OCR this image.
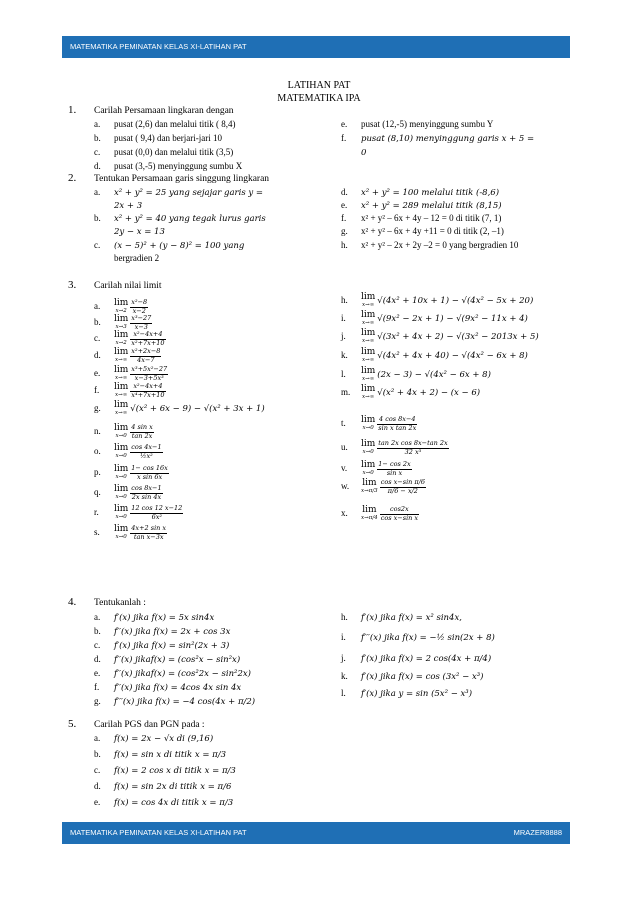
MATEMATIKA PEMINATAN KELAS XI-LATIHAN PAT
LATIHAN PAT
MATEMATIKA IPA
1. Carilah Persamaan lingkaran dengan
a. pusat (2,6) dan melalui titik ( 8,4)
b. pusat ( 9,4) dan berjari-jari 10
c. pusat (0,0) dan melalui titik (3,5)
d. pusat (3,-5) menyinggung sumbu X
e. pusat (12,-5) menyinggung sumbu Y
f. pusat (8,10) menyinggung garis 𝑥 + 5 =
0
2. Tentukan Persamaan garis singgung lingkaran
a. 𝑥² + 𝑦² = 25 yang sejajar garis 𝑦 =
2𝑥 + 3
b. 𝑥² + 𝑦² = 40 yang tegak lurus garis
2𝑦 − 𝑥 = 13
c. (𝑥 − 5)² + (𝑦 − 8)² = 100 yang
bergradien 2
d. 𝑥² + 𝑦² = 100 melalui titik (-8,6)
e. 𝑥² + 𝑦² = 289 melalui titik (8,15)
f. x² + y² – 6x + 4y – 12 = 0 di titik (7, 1)
g. x² + y² – 6x + 4y +11 = 0 di titik (2, –1)
h. x² + y² – 2x + 2y –2 = 0 yang bergradien 10
3. Carilah nilai limit
a. lim
𝑥→2 $\frac{\text{𝑥²−8}}{\text{𝑥−2}}$
b. lim
𝑥→3 $\frac{\text{𝑥³−27}}{\text{𝑥−3}}$
c. lim
𝑥→2 $\frac{\text{𝑥²−4𝑥+4}}{\text{𝑥²+7𝑥+10}}$
d. lim
𝑥→∞ $\frac{\text{𝑥²+2𝑥−8}}{\text{4𝑥−7}}$
e. lim
𝑥→∞ $\frac{\text{𝑥³+5𝑥²−27}}{\text{𝑥−3+5𝑥³}}$
f. lim
𝑥→∞ $\frac{\text{𝑥²−4𝑥+4}}{\text{𝑥⁴+7𝑥+10}}$
g. lim
𝑥→∞ √(𝑥² + 6𝑥 − 9) − √(𝑥² + 3𝑥 + 1)
n. lim
𝑥→0 $\frac{\text{4 sin 𝑥}}{\text{tan 2𝑥}}$
o. lim
𝑥→0 $\frac{\text{cos 4𝑥−1}}{\text{½𝑥²}}$
p. lim
𝑥→0 $\frac{\text{1− cos 16𝑥}}{\text{𝑥 sin 6𝑥}}$
q. lim
𝑥→0 $\frac{\text{cos 8𝑥−1}}{\text{2𝑥 sin 4𝑥}}$
r. lim
𝑥→0 $\frac{\text{12 cos 12 𝑥−12}}{\text{6𝑥²}}$
s. lim
𝑥→0 $\frac{\text{4𝑥+2 sin 𝑥}}{\text{tan 𝑥−3𝑥}}$
h. lim
𝑥→∞ √(4𝑥² + 10𝑥 + 1) − √(4𝑥² − 5𝑥 + 20)
i. lim
𝑥→∞ √(9𝑥² − 2𝑥 + 1) − √(9𝑥² − 11𝑥 + 4)
j. lim
𝑥→∞ √(3𝑥² + 4𝑥 + 2) − √(3𝑥² − 2013𝑥 + 5)
k. lim
𝑥→∞ √(4𝑥² + 4𝑥 + 40) − √(4𝑥² − 6𝑥 + 8)
l. lim
𝑥→∞ (2𝑥 − 3) − √(4𝑥² − 6𝑥 + 8)
m. lim
𝑥→∞ √(𝑥² + 4𝑥 + 2) − (𝑥 − 6)
t. lim
𝑥→0 $\frac{\text{4 cos 8𝑥−4}}{\text{sin 𝑥 tan 2𝑥}}$
u. lim
𝑥→0 $\frac{\text{tan 2𝑥 cos 8𝑥−tan 2𝑥}}{\text{32 𝑥³}}$
v. lim
𝑥→0 $\frac{\text{1− cos 2𝑥}}{\text{sin 𝑥}}$
w. lim
𝑥→π/3 $\frac{\text{cos 𝑥−sin π/6}}{\text{π/6 − 𝑥/2}}$
x. lim
𝑥→π/4 $\frac{\text{cos2𝑥}}{\text{cos 𝑥−sin 𝑥}}$
4. Tentukanlah :
a. 𝑓′(𝑥) jika 𝑓(𝑥) = 5𝑥 sin4𝑥
b. 𝑓′′(𝑥) jika 𝑓(𝑥) = 2𝑥 + cos 3𝑥
c. 𝑓′(𝑥) jika 𝑓(𝑥) = 𝑠𝑖𝑛²(2𝑥 + 3)
d. 𝑓′′(𝑥) jika𝑓(𝑥) = (𝑐𝑜𝑠²𝑥 − 𝑠𝑖𝑛²𝑥)
e. 𝑓′′(𝑥) jika𝑓(𝑥) = (𝑐𝑜𝑠²2𝑥 − 𝑠𝑖𝑛²2𝑥)
f. 𝑓′′(𝑥) jika 𝑓(𝑥) = 4cos 4𝑥 sin 4𝑥
g. 𝑓′′′(𝑥) jika 𝑓(𝑥) = −4 cos(4𝑥 + π/2)
h. 𝑓′(𝑥) jika 𝑓(𝑥) = 𝑥² sin4𝑥,
i. 𝑓′′′(𝑥) jika 𝑓(𝑥) = −½ sin(2𝑥 + 8)
j. 𝑓′(𝑥) jika 𝑓(𝑥) = 2 cos(4𝑥 + π/4)
k. 𝑓′(𝑥) jika 𝑓(𝑥) = cos (3𝑥² − 𝑥³)
l. 𝑓′(𝑥) jika 𝑦 = sin (5𝑥² − 𝑥³)
5. Carilah PGS dan PGN pada :
a. 𝑓(𝑥) = 2𝑥 − √𝑥 di (9,16)
b. 𝑓(𝑥) = sin 𝑥 𝑑𝑖 𝑡𝑖𝑡𝑖𝑘 𝑥 = π/3
c. 𝑓(𝑥) = 2 cos 𝑥 𝑑𝑖 𝑡𝑖𝑡𝑖𝑘 𝑥 = π/3
d. 𝑓(𝑥) = sin 2𝑥 𝑑𝑖 𝑡𝑖𝑡𝑖𝑘 𝑥 = π/6
e. 𝑓(𝑥) = cos 4𝑥 𝑑𝑖 𝑡𝑖𝑡𝑖𝑘 𝑥 = π/3
MATEMATIKA PEMINATAN KELAS XI-LATIHAN PAT	MRAZER8888
